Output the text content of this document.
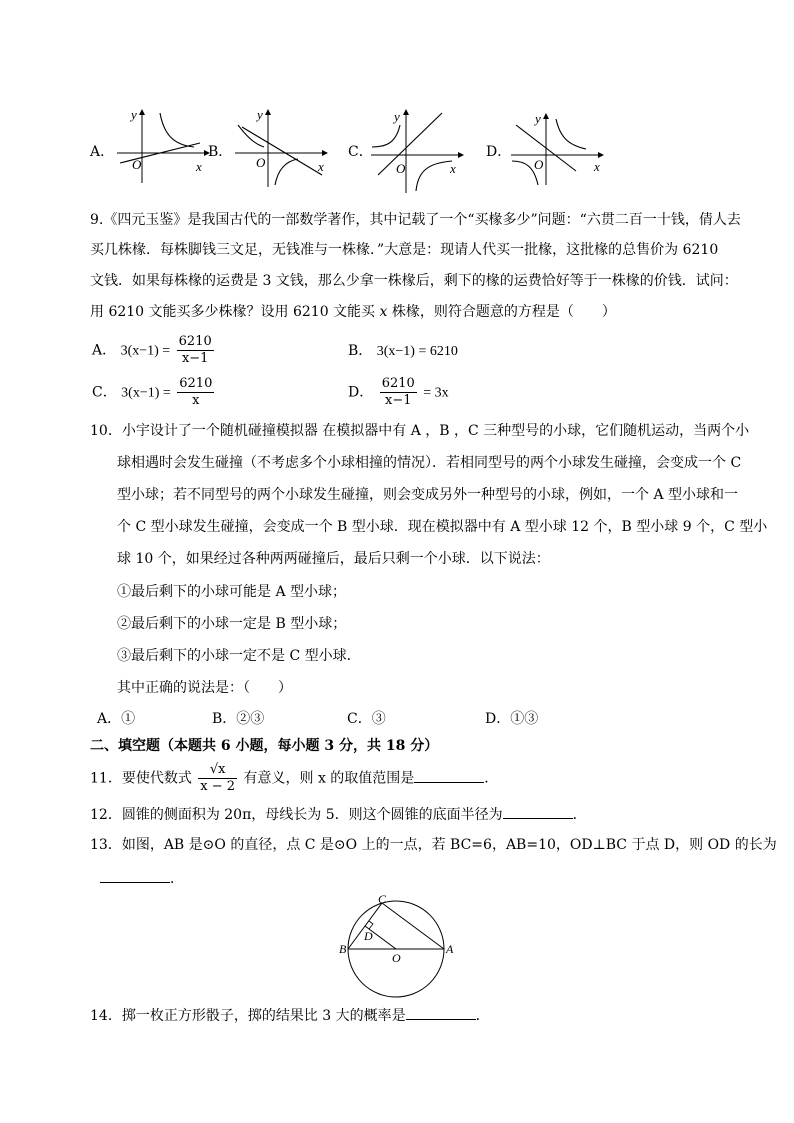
A．
y
O	x
B．
y
O	x
C．
y
O	x
D．
y
O	x
9.《四元玉鉴》是我国古代的一部数学著作，其中记载了一个“买椽多少”问题：“六贯二百一十钱，倩人去
买几株椽．每株脚钱三文足，无钱准与一株椽．”大意是：现请人代买一批椽，这批椽的总售价为 6210
文钱．如果每株椽的运费是 3 文钱，那么少拿一株椽后，剩下的椽的运费恰好等于一株椽的价钱．试问：
用 6210 文能买多少株椽？设用 6210 文能买 x 株椽，则符合题意的方程是（　　）
A． $3(x-1) = \frac{6210}{x-1}$	B． 3(x−1) = 6210
C． $3(x-1) = \frac{6210}{x}$	D． $\frac{6210}{x-1} = 3x$
10．小宇设计了一个随机碰撞模拟器 在模拟器中有 A ，B ，C 三种型号的小球，它们随机运动，当两个小
球相遇时会发生碰撞（不考虑多个小球相撞的情况）．若相同型号的两个小球发生碰撞，会变成一个 C
型小球；若不同型号的两个小球发生碰撞，则会变成另外一种型号的小球，例如，一个 A 型小球和一
个 C 型小球发生碰撞，会变成一个 B 型小球．现在模拟器中有 A 型小球 12 个，B 型小球 9 个，C 型小
球 10 个，如果经过各种两两碰撞后，最后只剩一个小球．以下说法：
①最后剩下的小球可能是 A 型小球；
②最后剩下的小球一定是 B 型小球；
③最后剩下的小球一定不是 C 型小球．
其中正确的说法是：（　　）
A．①	B．②③	C．③	D．①③
二、填空题（本题共 6 小题，每小题 3 分，共 18 分）
11．要使代数式 $\frac{√x}{x - 2}$ 有意义，则 x 的取值范围是	．
12．圆锥的侧面积为 20π，母线长为 5．则这个圆锥的底面半径为	．
13．如图，AB 是⊙O 的直径，点 C 是⊙O 上的一点，若 BC=6，AB=10，OD⊥BC 于点 D，则 OD 的长为
．
C
D
B
O
A
14．掷一枚正方形骰子，掷的结果比 3 大的概率是	．
